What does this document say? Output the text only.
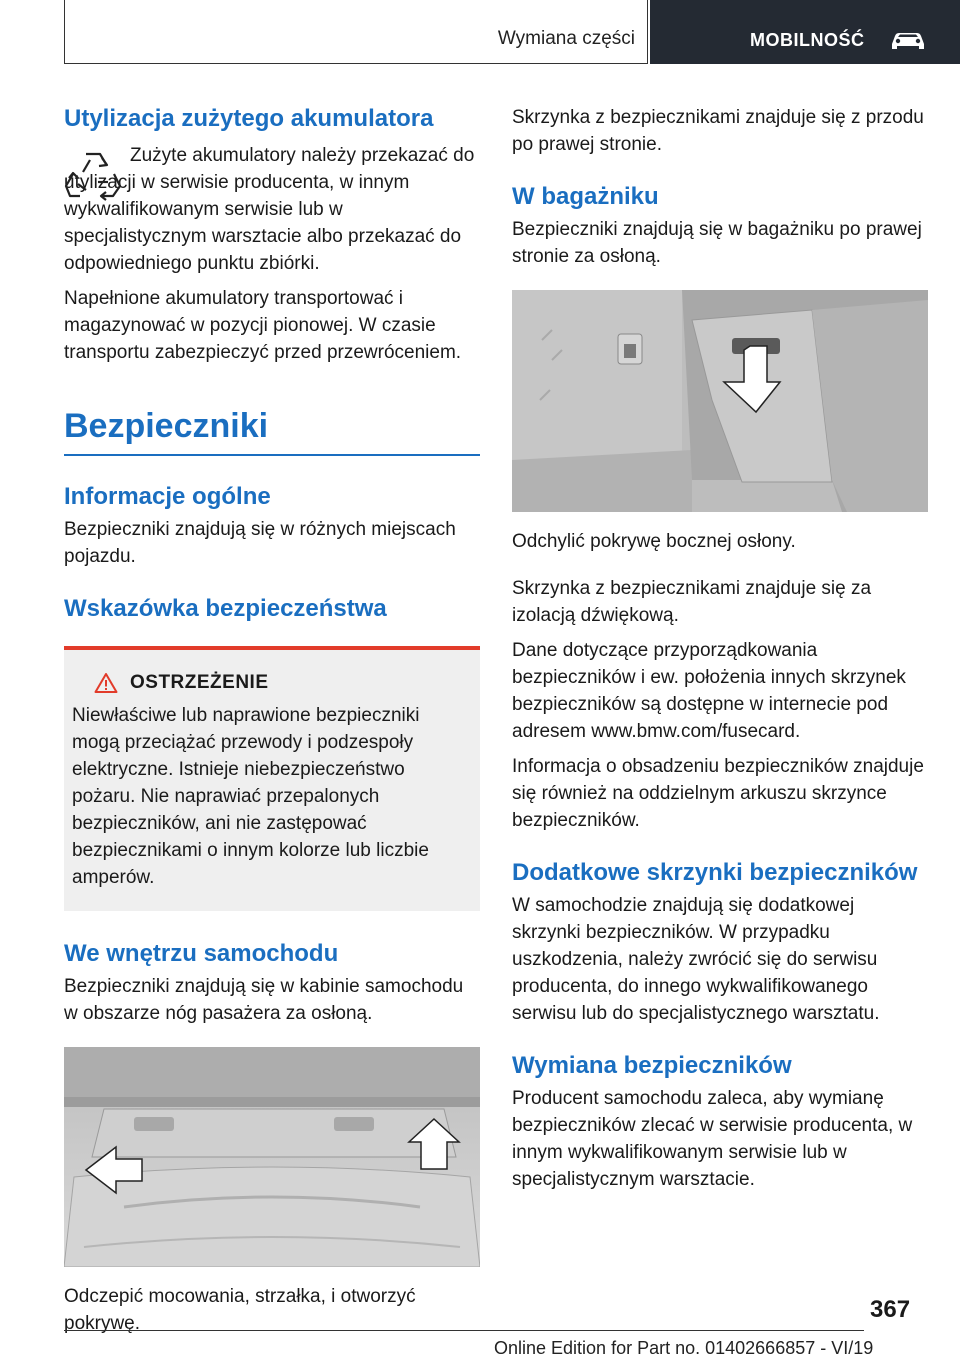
Wymiana części	MOBILNOŚĆ
Utylizacja zużytego akumulatora

Zużyte akumulatory należy przekazać do utylizacji w serwisie producenta, w innym wykwalifikowanym serwisie lub w specjalistycznym warsztacie albo przekazać do odpowiedniego punktu zbiórki.

Napełnione akumulatory transportować i magazynować w pozycji pionowej. W czasie transportu zabezpieczyć przed przewróceniem.

Bezpieczniki
Informacje ogólne

Bezpieczniki znajdują się w różnych miejscach pojazdu.

Wskazówka bezpieczeństwa
OSTRZEŻENIE

Niewłaściwe lub naprawione bezpieczniki mogą przeciążać przewody i podzespoły elektryczne. Istnieje niebezpieczeństwo pożaru. Nie naprawiać przepalonych bezpieczników, ani nie zastępować bezpiecznikami o innym kolorze lub liczbie amperów.

We wnętrzu samochodu

Bezpieczniki znajdują się w kabinie samochodu w obszarze nóg pasażera za osłoną.

Odczepić mocowania, strzałka, i otworzyć pokrywę.

Skrzynka z bezpiecznikami znajduje się z przodu po prawej stronie.

W bagażniku

Bezpieczniki znajdują się w bagażniku po prawej stronie za osłoną.

Odchylić pokrywę bocznej osłony.

Skrzynka z bezpiecznikami znajduje się za izolacją dźwiękową.

Dane dotyczące przyporządkowania bezpieczników i ew. położenia innych skrzynek bezpieczników są dostępne w internecie pod adresem www.bmw.com/fusecard.

Informacja o obsadzeniu bezpieczników znajduje się również na oddzielnym arkuszu skrzynce bezpieczników.

Dodatkowe skrzynki bezpieczników

W samochodzie znajdują się dodatkowej skrzynki bezpieczników. W przypadku uszkodzenia, należy zwrócić się do serwisu producenta, do innego wykwalifikowanego serwisu lub do specjalistycznego warsztatu.

Wymiana bezpieczników

Producent samochodu zaleca, aby wymianę bezpieczników zlecać w serwisie producenta, w innym wykwalifikowanym serwisie lub w specjalistycznym warsztacie.

367
Online Edition for Part no. 01402666857 - VI/19
